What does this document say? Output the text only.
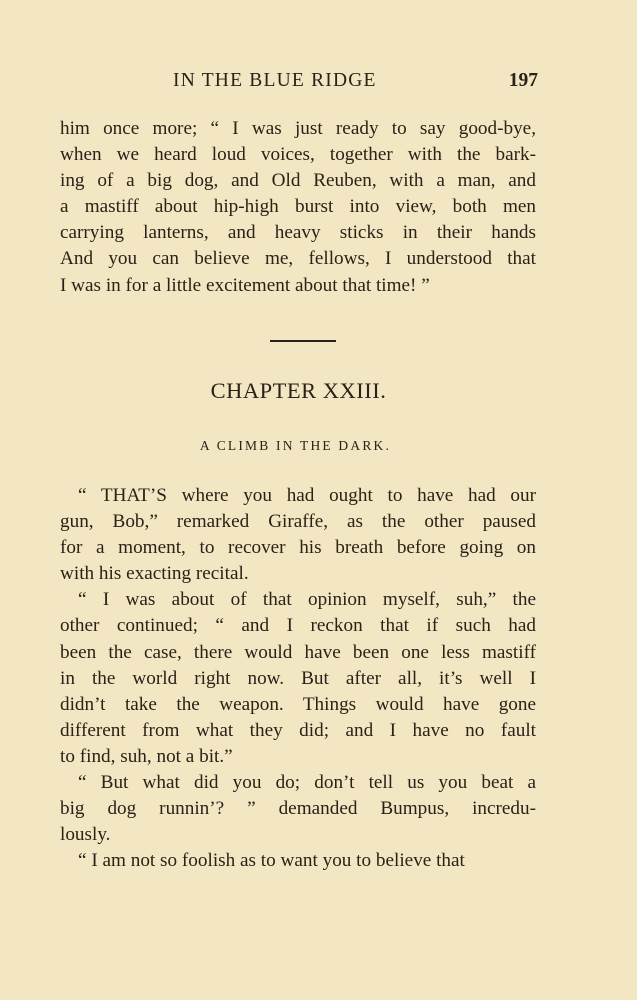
IN THE BLUE RIDGE	197
him once more; “ I was just ready to say good-bye,
when we heard loud voices, together with the bark-
ing of a big dog, and Old Reuben, with a man, and
a mastiff about hip-high burst into view, both men
carrying lanterns, and heavy sticks in their hands
And you can believe me, fellows, I understood that
I was in for a little excitement about that time! ”
CHAPTER XXIII.
A CLIMB IN THE DARK.
“ THAT’S where you had ought to have had our
gun, Bob,” remarked Giraffe, as the other paused
for a moment, to recover his breath before going on
with his exacting recital.
“ I was about of that opinion myself, suh,” the
other continued; “ and I reckon that if such had
been the case, there would have been one less mastiff
in the world right now. But after all, it’s well I
didn’t take the weapon. Things would have gone
different from what they did; and I have no fault
to find, suh, not a bit.”
“ But what did you do; don’t tell us you beat a
big dog runnin’? ” demanded Bumpus, incredu-
lously.
“ I am not so foolish as to want you to believe that
